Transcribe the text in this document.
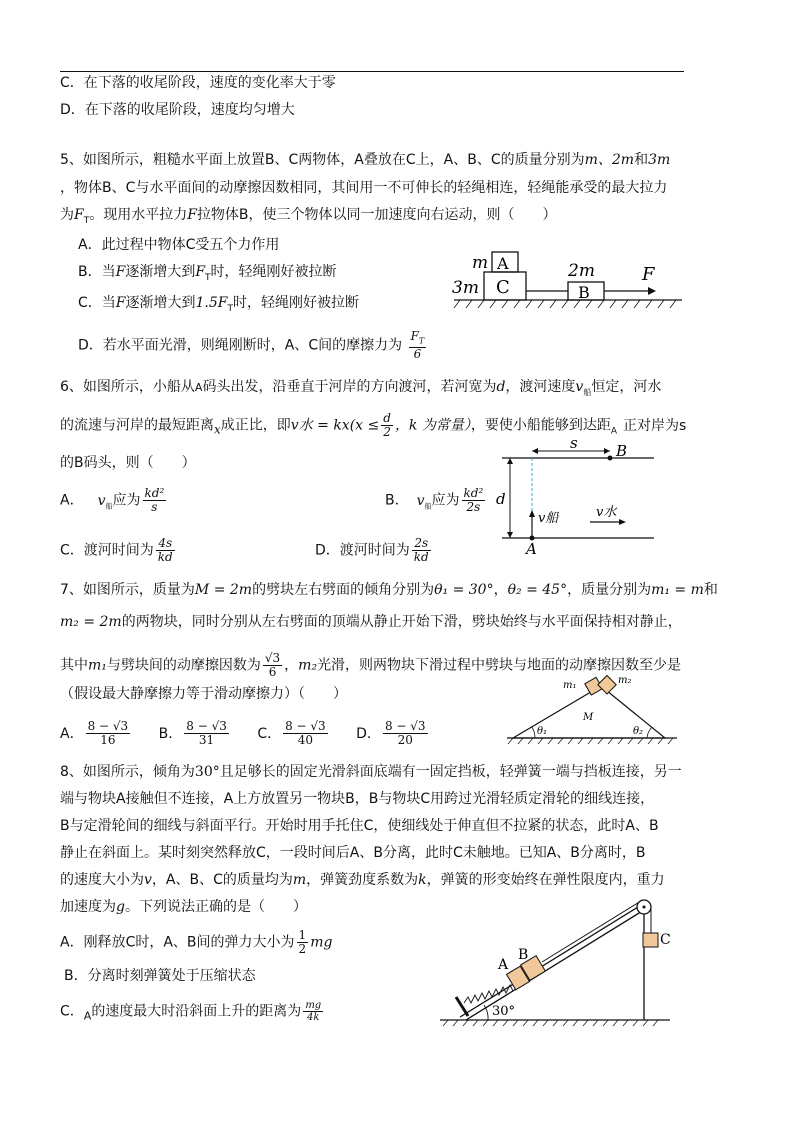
C．在下落的收尾阶段，速度的变化率大于零
D．在下落的收尾阶段，速度均匀增大
5、如图所示，粗糙水平面上放置B、C两物体，A叠放在C上，A、B、C的质量分别为m、2m和3m
，物体B、C与水平面间的动摩擦因数相同，其间用一不可伸长的轻绳相连，轻绳能承受的最大拉力
为$F_T$。现用水平拉力F拉物体B，使三个物体以同一加速度向右运动，则（　　）
A．此过程中物体C受五个力作用
B．当F逐渐增大到$F_T$时，轻绳刚好被拉断
C．当F逐渐增大到$1.5F_T$时，轻绳刚好被拉断
D．若水平面光滑，则绳刚断时，A、C间的摩擦力为 $\frac{F_T}{6}$
m A
C
3m
2m
B
F
6、如图所示，小船从A码头出发，沿垂直于河岸的方向渡河，若河宽为d，渡河速度$v_船$恒定，河水
的流速与河岸的最短距离$_x$成正比，即v水 = $kx(x \le \frac{d}{2}$ ，k 为常量），要使小船能够到达距$_A$ 正对岸为s
的B码头，则（　　）
A． $v_船$应为 $\frac{\text{kd²}}{s}$	B． $v_船$应为 $\frac{\text{kd²}}{2s}$
C．渡河时间为 $\frac{4s}{kd}$	D．渡河时间为 $\frac{2s}{kd}$
s	B
d
v船	v水
A
7、如图所示，质量为M = 2m的劈块左右劈面的倾角分别为θ₁ = 30°，θ₂ = 45°，质量分别为m₁ = m和
m₂ = 2m的两物块，同时分别从左右劈面的顶端从静止开始下滑，劈块始终与水平面保持相对静止，
其中m₁与劈块间的动摩擦因数为 $\frac{√3}{6}$ ，m₂光滑，则两物块下滑过程中劈块与地面的动摩擦因数至少是
（假设最大静摩擦力等于滑动摩擦力）（　　）
A． $\frac{8 - √3}{16}$ B． $\frac{8 - √3}{31}$ C． $\frac{8 - √3}{40}$ D． $\frac{8 - √3}{20}$
m₁	m₂
M
θ₁	θ₂
8、如图所示，倾角为30°且足够长的固定光滑斜面底端有一固定挡板，轻弹簧一端与挡板连接，另一
端与物块A接触但不连接，A上方放置另一物块B，B与物块C用跨过光滑轻质定滑轮的细线连接，
B与定滑轮间的细线与斜面平行。开始时用手托住C，使细线处于伸直但不拉紧的状态，此时A、B
静止在斜面上。某时刻突然释放C，一段时间后A、B分离，此时C未触地。已知A、B分离时，B
的速度大小为v，A、B、C的质量均为m，弹簧劲度系数为k，弹簧的形变始终在弹性限度内，重力
加速度为g。下列说法正确的是（　　）
A．刚释放C时，A、B间的弹力大小为 $\frac{1}{2}$ mg
B．分离时刻弹簧处于压缩状态
C．$_A$的速度最大时沿斜面上升的距离为 $\frac{mg}{4k}$
A
B
C
30°
